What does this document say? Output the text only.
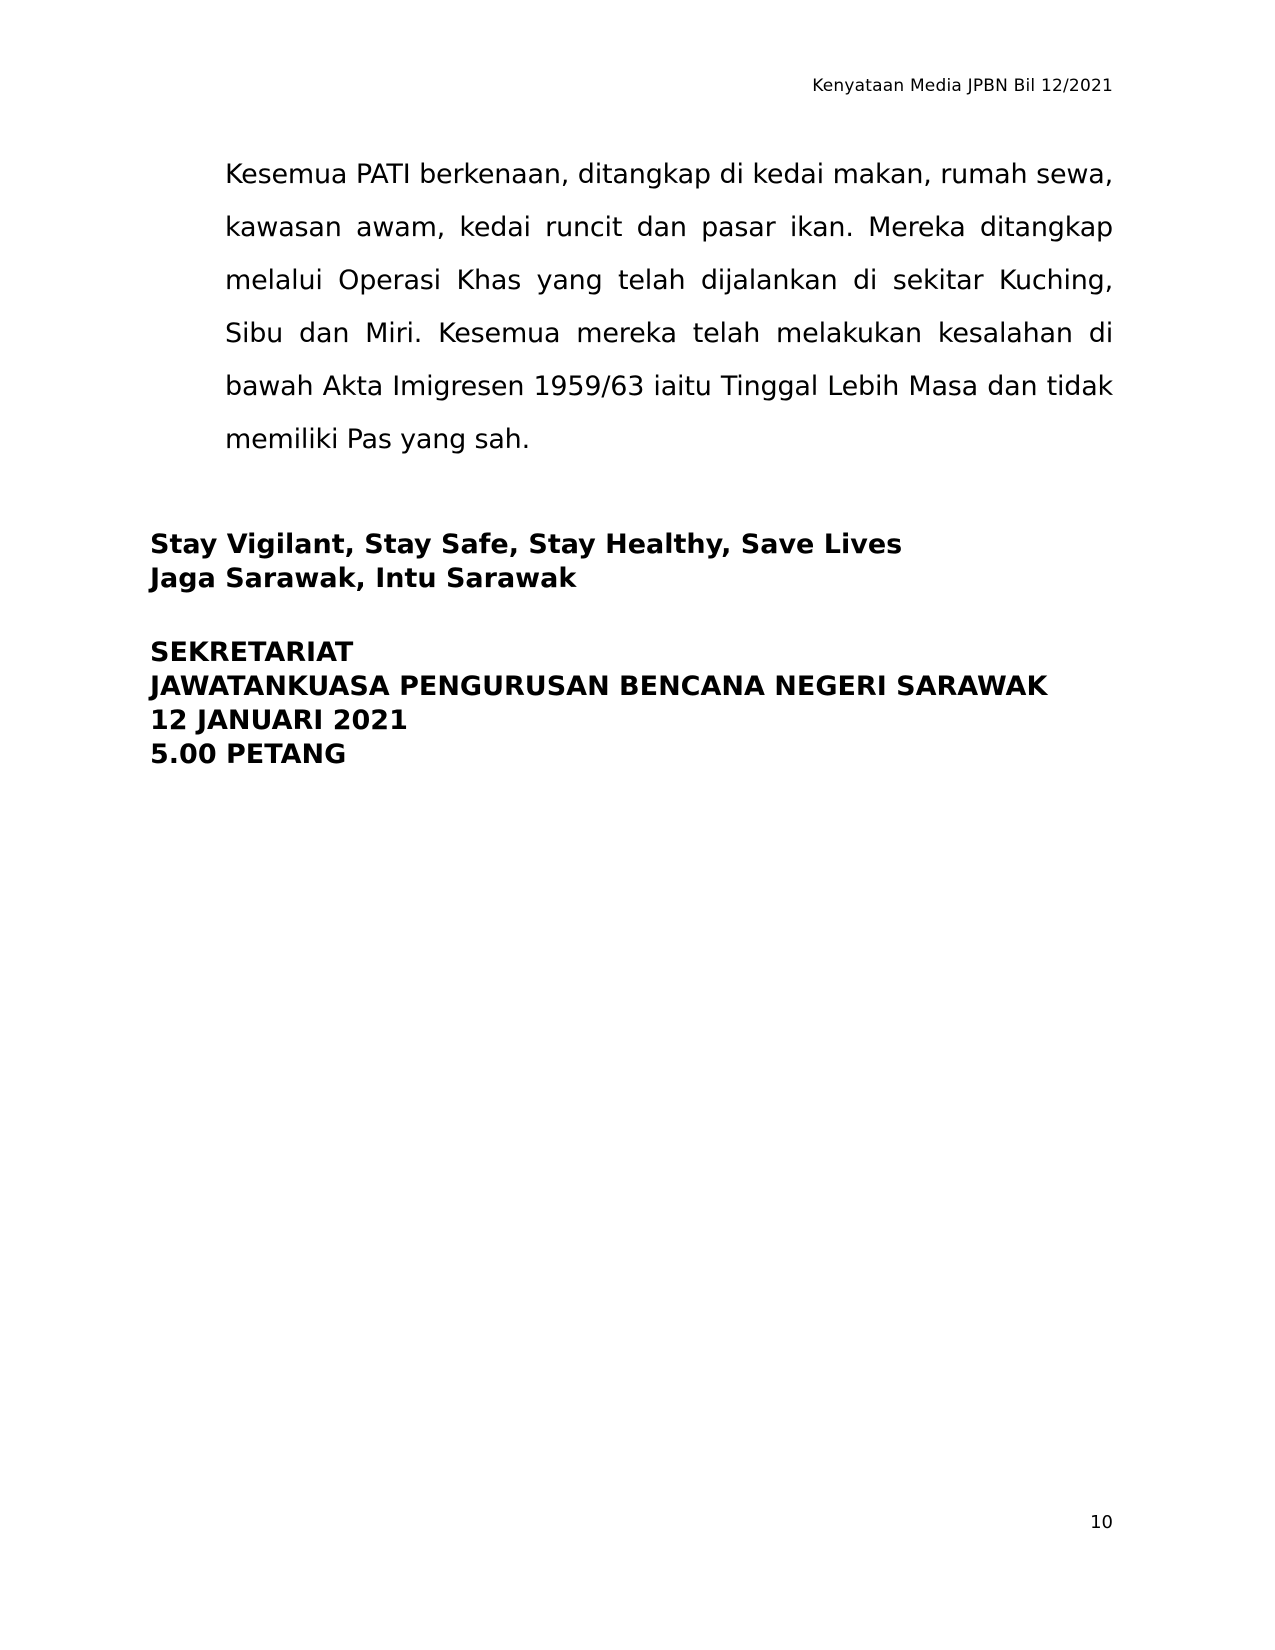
Kenyataan Media JPBN Bil 12/2021

Kesemua PATI berkenaan, ditangkap di kedai makan, rumah sewa, kawasan awam, kedai runcit dan pasar ikan. Mereka ditangkap melalui Operasi Khas yang telah dijalankan di sekitar Kuching, Sibu dan Miri. Kesemua mereka telah melakukan kesalahan di bawah Akta Imigresen 1959/63 iaitu Tinggal Lebih Masa dan tidak memiliki Pas yang sah.

Stay Vigilant, Stay Safe, Stay Healthy, Save Lives
Jaga Sarawak, Intu Sarawak
SEKRETARIAT
JAWATANKUASA PENGURUSAN BENCANA NEGERI SARAWAK
12 JANUARI 2021
5.00 PETANG
10
